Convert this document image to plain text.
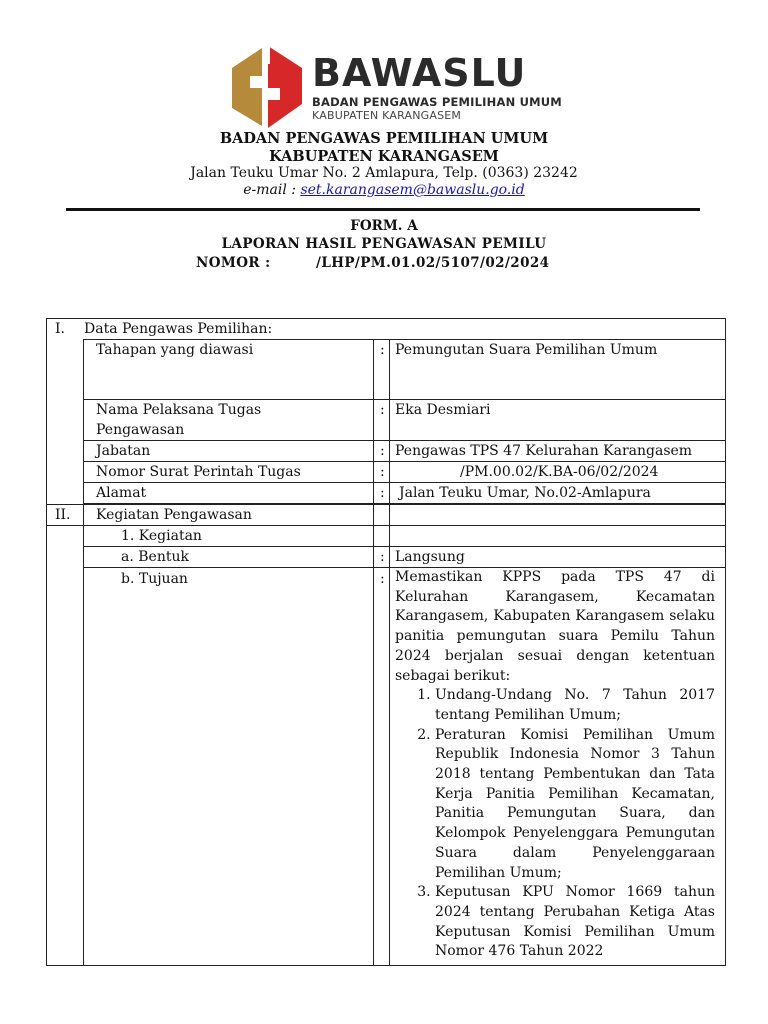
BAWASLU
BADAN PENGAWAS PEMILIHAN UMUM
KABUPATEN KARANGASEM
BADAN PENGAWAS PEMILIHAN UMUM
KABUPATEN KARANGASEM
Jalan Teuku Umar No. 2 Amlapura, Telp. (0363) 23242
e-mail : set.karangasem@bawaslu.go.id
FORM. A
LAPORAN HASIL PENGAWASAN PEMILU
NOMOR :	/LHP/PM.01.02/5107/02/2024
I. Data Pengawas Pemilihan:
Tahapan yang diawasi	: Pemungutan Suara Pemilihan Umum
Nama Pelaksana Tugas Pengawasan
: Eka Desmiari
Jabatan	: Pengawas TPS 47 Kelurahan Karangasem
Nomor Surat Perintah Tugas	:	/PM.00.02/K.BA-06/02/2024
Alamat	: Jalan Teuku Umar, No.02-Amlapura
II. Kegiatan Pengawasan
1. Kegiatan
a. Bentuk	: Langsung
b. Tujuan	: Memastikan KPPS pada TPS 47 di Kelurahan Karangasem, Kecamatan Karangasem, Kabupaten Karangasem selaku panitia pemungutan suara Pemilu Tahun 2024 berjalan sesuai dengan ketentuan sebagai berikut:

1. Undang-Undang No. 7 Tahun 2017 tentang Pemilihan Umum;
2. Peraturan Komisi Pemilihan Umum Republik Indonesia Nomor 3 Tahun 2018 tentang Pembentukan dan Tata Kerja Panitia Pemilihan Kecamatan, Panitia Pemungutan Suara, dan Kelompok Penyelenggara Pemungutan Suara dalam Penyelenggaraan Pemilihan Umum;
3. Keputusan KPU Nomor 1669 tahun 2024 tentang Perubahan Ketiga Atas Keputusan Komisi Pemilihan Umum Nomor 476 Tahun 2022
